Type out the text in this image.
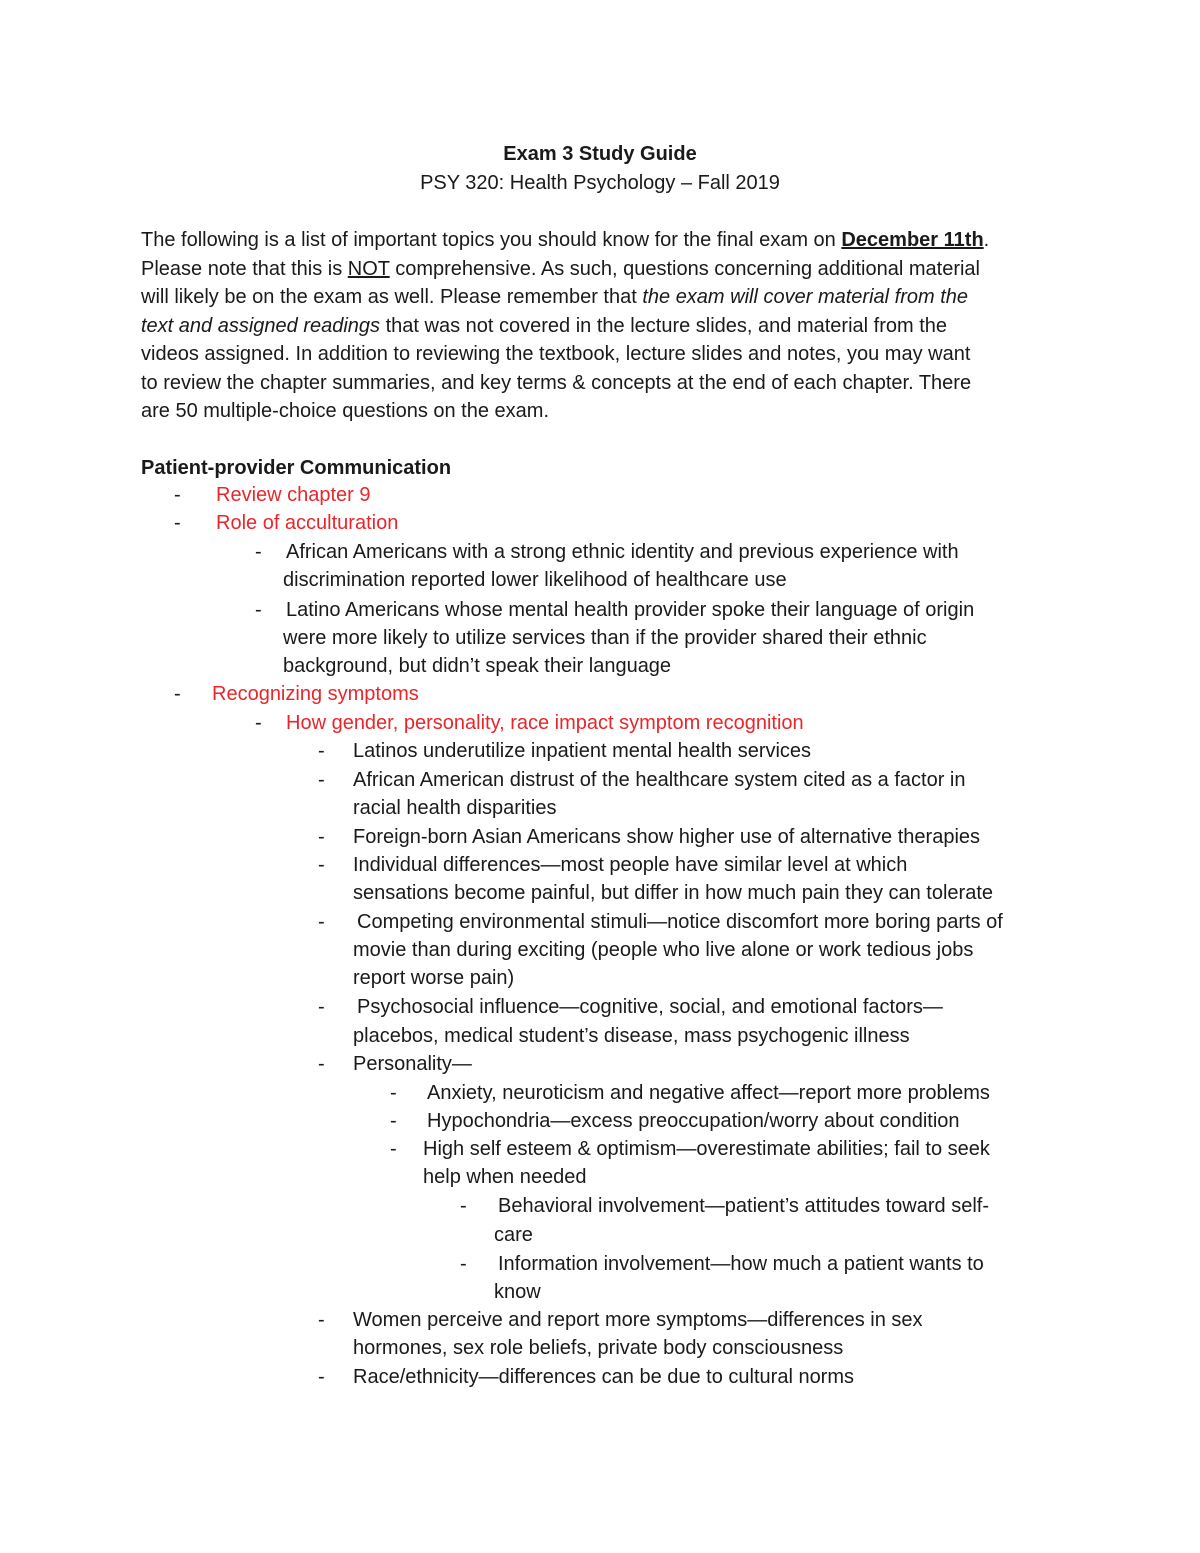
Exam 3 Study Guide
PSY 320: Health Psychology – Fall 2019
The following is a list of important topics you should know for the final exam on December 11th.
Please note that this is NOT comprehensive. As such, questions concerning additional material
will likely be on the exam as well. Please remember that the exam will cover material from the
text and assigned readings that was not covered in the lecture slides, and material from the
videos assigned. In addition to reviewing the textbook, lecture slides and notes, you may want
to review the chapter summaries, and key terms & concepts at the end of each chapter. There
are 50 multiple-choice questions on the exam.
Patient-provider Communication
- Review chapter 9
- Role of acculturation
- African Americans with a strong ethnic identity and previous experience with
discrimination reported lower likelihood of healthcare use
- Latino Americans whose mental health provider spoke their language of origin
were more likely to utilize services than if the provider shared their ethnic
background, but didn’t speak their language
- Recognizing symptoms
- How gender, personality, race impact symptom recognition
- Latinos underutilize inpatient mental health services
- African American distrust of the healthcare system cited as a factor in
racial health disparities
- Foreign-born Asian Americans show higher use of alternative therapies
- Individual differences—most people have similar level at which
sensations become painful, but differ in how much pain they can tolerate
- Competing environmental stimuli—notice discomfort more boring parts of
movie than during exciting (people who live alone or work tedious jobs
report worse pain)
- Psychosocial influence—cognitive, social, and emotional factors—
placebos, medical student’s disease, mass psychogenic illness
- Personality—
- Anxiety, neuroticism and negative affect—report more problems
- Hypochondria—excess preoccupation/worry about condition
- High self esteem & optimism—overestimate abilities; fail to seek
help when needed
- Behavioral involvement—patient’s attitudes toward self-
care
- Information involvement—how much a patient wants to
know
- Women perceive and report more symptoms—differences in sex
hormones, sex role beliefs, private body consciousness
- Race/ethnicity—differences can be due to cultural norms
